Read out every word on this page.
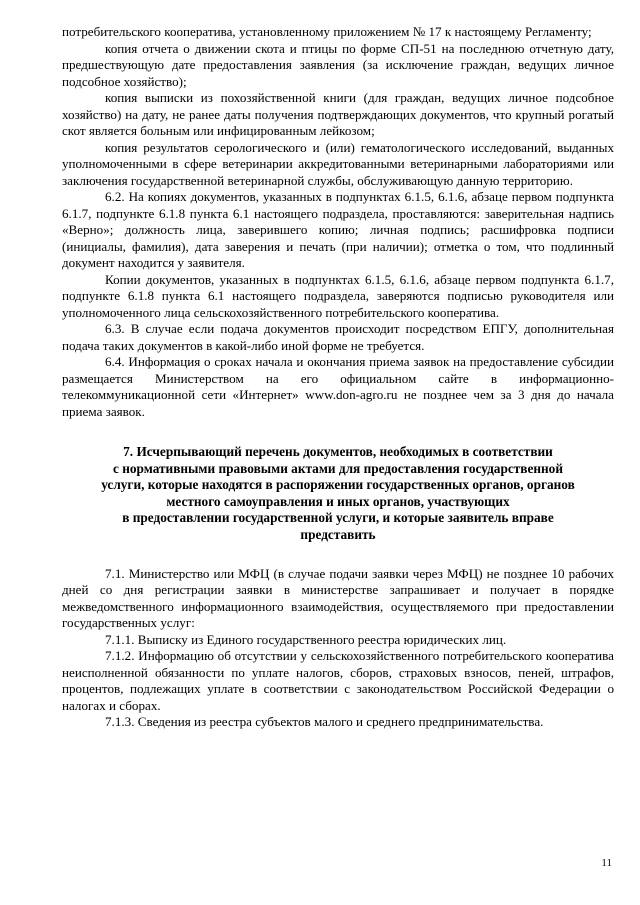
потребительского кооператива, установленному приложением № 17 к настоящему Регламенту;

копия отчета о движении скота и птицы по форме СП-51 на последнюю отчетную дату, предшествующую дате предоставления заявления (за исключение граждан, ведущих личное подсобное хозяйство);

копия выписки из похозяйственной книги (для граждан, ведущих личное подсобное хозяйство) на дату, не ранее даты получения подтверждающих документов, что крупный рогатый скот является больным или инфицированным лейкозом;

копия результатов серологического и (или) гематологического исследований, выданных уполномоченными в сфере ветеринарии аккредитованными ветеринарными лабораториями или заключения государственной ветеринарной службы, обслуживающую данную территорию.

6.2. На копиях документов, указанных в подпунктах 6.1.5, 6.1.6, абзаце первом подпункта 6.1.7, подпункте 6.1.8 пункта 6.1 настоящего подраздела, проставляются: заверительная надпись «Верно»; должность лица, заверившего копию; личная подпись; расшифровка подписи (инициалы, фамилия), дата заверения и печать (при наличии); отметка о том, что подлинный документ находится у заявителя.

Копии документов, указанных в подпунктах 6.1.5, 6.1.6, абзаце первом подпункта 6.1.7, подпункте 6.1.8 пункта 6.1 настоящего подраздела, заверяются подписью руководителя или уполномоченного лица сельскохозяйственного потребительского кооператива.

6.3. В случае если подача документов происходит посредством ЕПГУ, дополнительная подача таких документов в какой-либо иной форме не требуется.

6.4. Информация о сроках начала и окончания приема заявок на предоставление субсидии размещается Министерством на его официальном сайте в информационно-телекоммуникационной сети «Интернет» www.don-agro.ru не позднее чем за 3 дня до начала приема заявок.

7. Исчерпывающий перечень документов, необходимых в соответствии
с нормативными правовыми актами для предоставления государственной
услуги, которые находятся в распоряжении государственных органов, органов
местного самоуправления и иных органов, участвующих
в предоставлении государственной услуги, и которые заявитель вправе
представить

7.1. Министерство или МФЦ (в случае подачи заявки через МФЦ) не позднее 10 рабочих дней со дня регистрации заявки в министерстве запрашивает и получает в порядке межведомственного информационного взаимодействия, осуществляемого при предоставлении государственных услуг:

7.1.1. Выписку из Единого государственного реестра юридических лиц.

7.1.2. Информацию об отсутствии у сельскохозяйственного потребительского кооператива неисполненной обязанности по уплате налогов, сборов, страховых взносов, пеней, штрафов, процентов, подлежащих уплате в соответствии с законодательством Российской Федерации о налогах и сборах.

7.1.3. Сведения из реестра субъектов малого и среднего предпринимательства.

11
